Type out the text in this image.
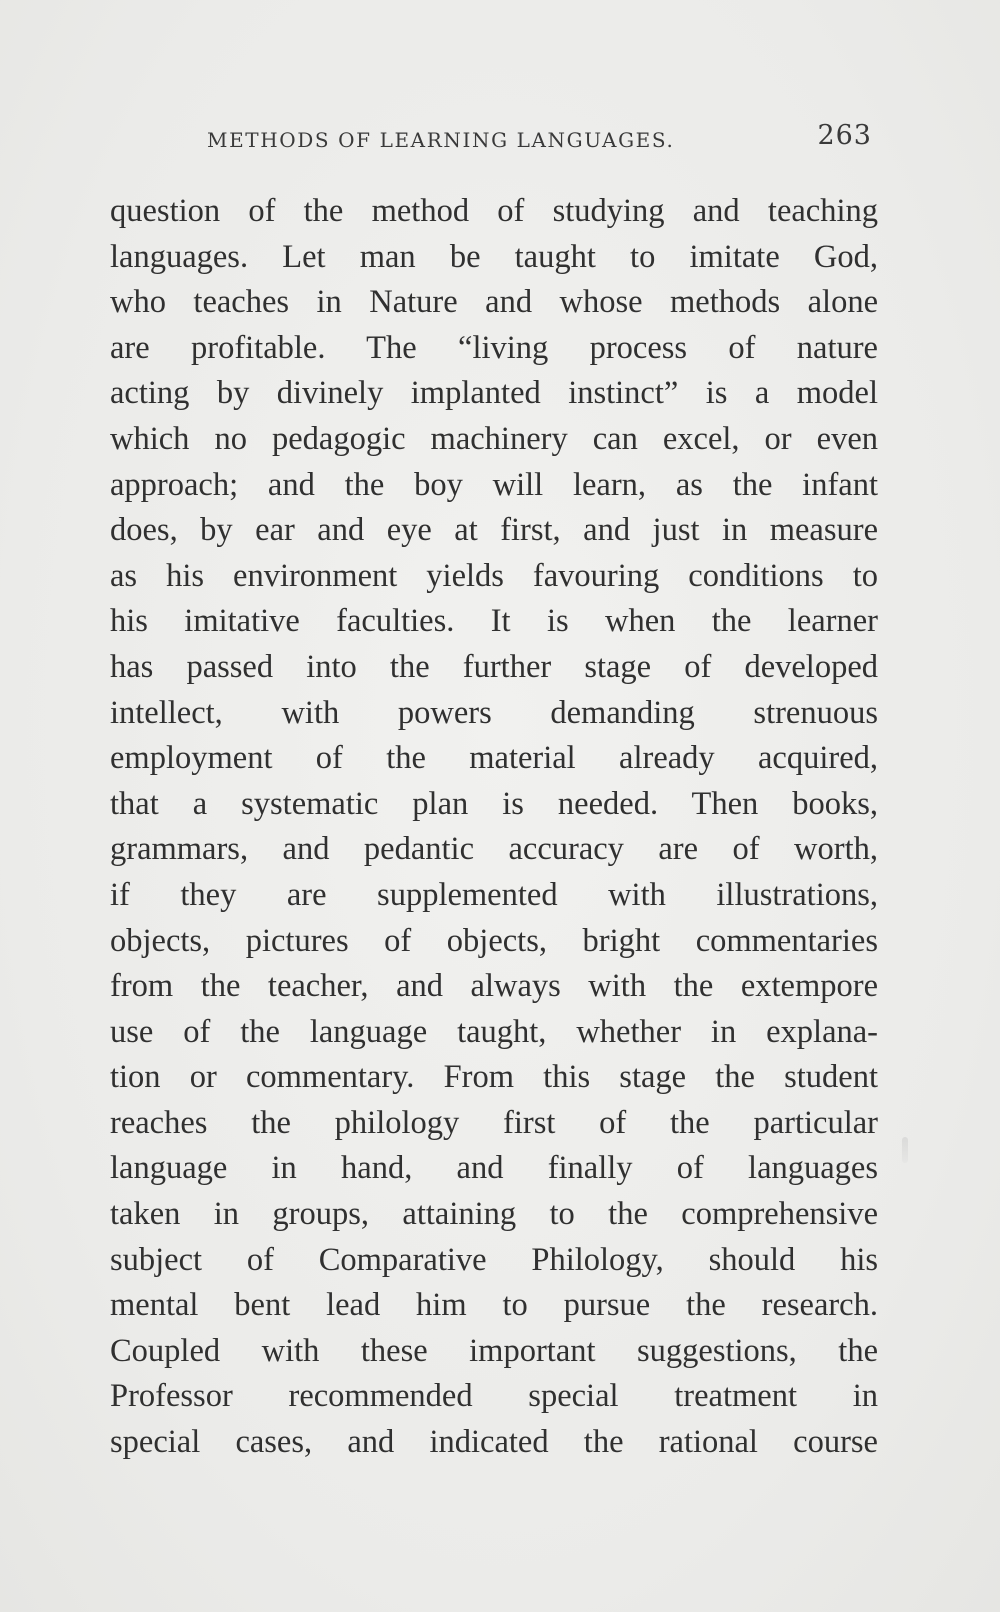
METHODS OF LEARNING LANGUAGES.	263
question of the method of studying and teaching
languages. Let man be taught to imitate God,
who teaches in Nature and whose methods alone
are profitable. The “living process of nature
acting by divinely implanted instinct” is a model
which no pedagogic machinery can excel, or even
approach; and the boy will learn, as the infant
does, by ear and eye at first, and just in measure
as his environment yields favouring conditions to
his imitative faculties. It is when the learner
has passed into the further stage of developed
intellect, with powers demanding strenuous
employment of the material already acquired,
that a systematic plan is needed. Then books,
grammars, and pedantic accuracy are of worth,
if they are supplemented with illustrations,
objects, pictures of objects, bright commentaries
from the teacher, and always with the extempore
use of the language taught, whether in explana-
tion or commentary. From this stage the student
reaches the philology first of the particular
language in hand, and finally of languages
taken in groups, attaining to the comprehensive
subject of Comparative Philology, should his
mental bent lead him to pursue the research.
Coupled with these important suggestions, the
Professor recommended special treatment in
special cases, and indicated the rational course
